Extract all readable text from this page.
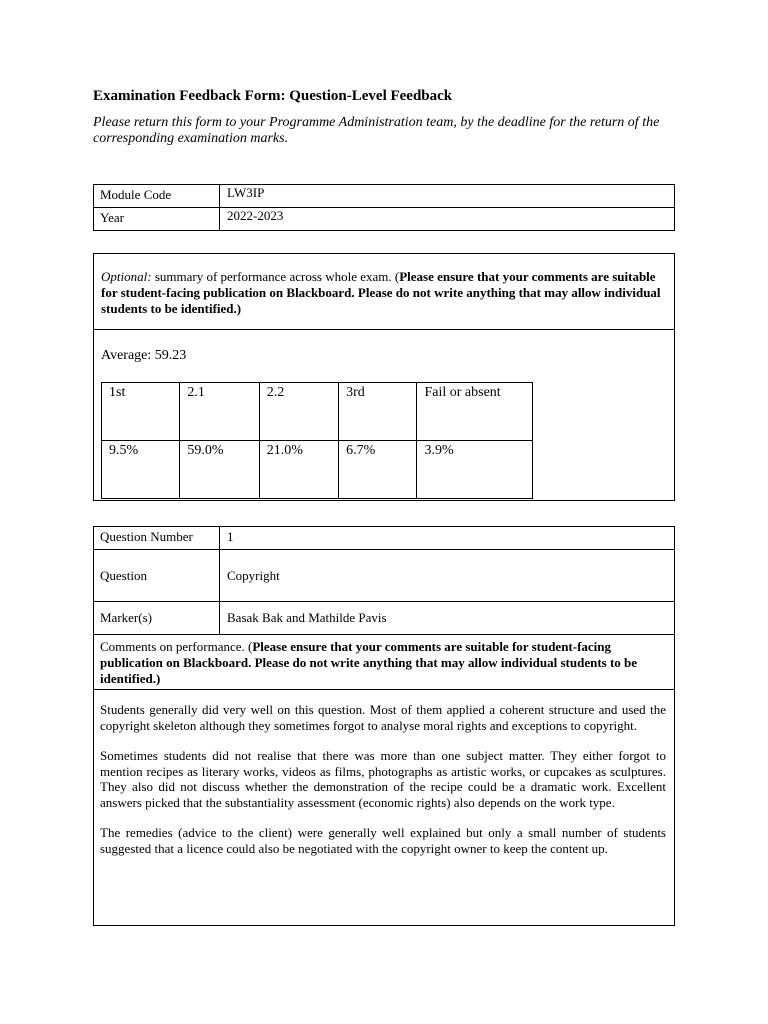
Examination Feedback Form: Question-Level Feedback
Please return this form to your Programme Administration team, by the deadline for the return of the corresponding examination marks.
Module Code	LW3IP
Year	2022-2023
Optional: summary of performance across whole exam. (Please ensure that your comments are suitable for student-facing publication on Blackboard. Please do not write anything that may allow individual students to be identified.)
Average: 59.23
1st	2.1	2.2	3rd	Fail or absent
9.5%	59.0%	21.0%	6.7%	3.9%
Question Number	1
Question	Copyright
Marker(s)	Basak Bak and Mathilde Pavis
Comments on performance. (Please ensure that your comments are suitable for student-facing publication on Blackboard. Please do not write anything that may allow individual students to be identified.)	

Students generally did very well on this question. Most of them applied a coherent structure and used the copyright skeleton although they sometimes forgot to analyse moral rights and exceptions to copyright.

Sometimes students did not realise that there was more than one subject matter. They either forgot to mention recipes as literary works, videos as films, photographs as artistic works, or cupcakes as sculptures. They also did not discuss whether the demonstration of the recipe could be a dramatic work. Excellent answers picked that the substantiality assessment (economic rights) also depends on the work type.

The remedies (advice to the client) were generally well explained but only a small number of students suggested that a licence could also be negotiated with the copyright owner to keep the content up.	
